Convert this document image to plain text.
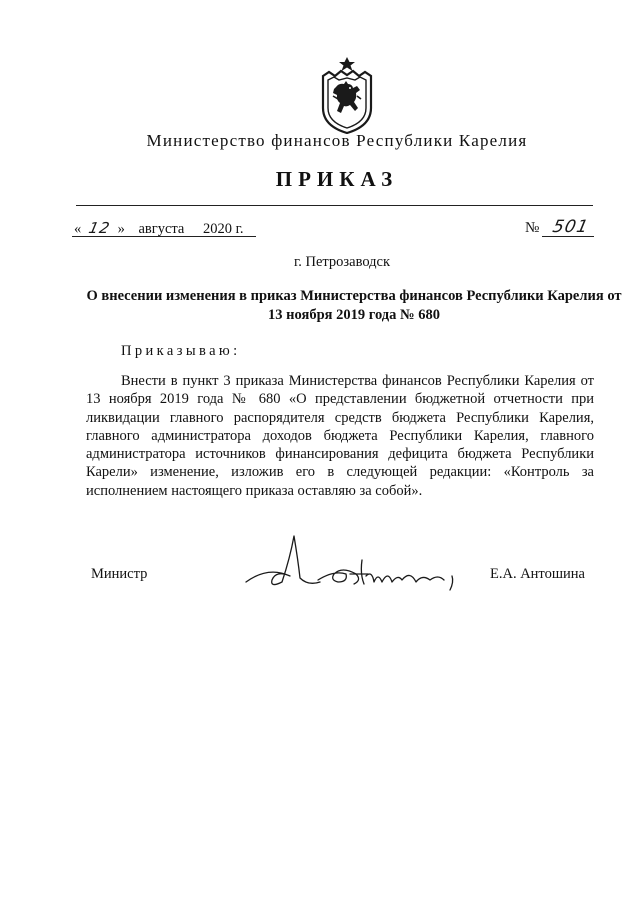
Министерство финансов Республики Карелия
ПРИКАЗ
« 12 » августа 2020 г.	№ 501
г. Петрозаводск
О внесении изменения в приказ Министерства финансов Республики Карелия от 13 ноября 2019 года № 680
Приказываю:

Внести в пункт 3 приказа Министерства финансов Республики Карелия от 13 ноября 2019 года № 680 «О представлении бюджетной отчетности при ликвидации главного распорядителя средств бюджета Республики Карелия, главного администратора доходов бюджета Республики Карелия, главного администратора источников финансирования дефицита бюджета Республики Карели» изменение, изложив его в следующей редакции: «Контроль за исполнением настоящего приказа оставляю за собой».

Министр	Е.А. Антошина
